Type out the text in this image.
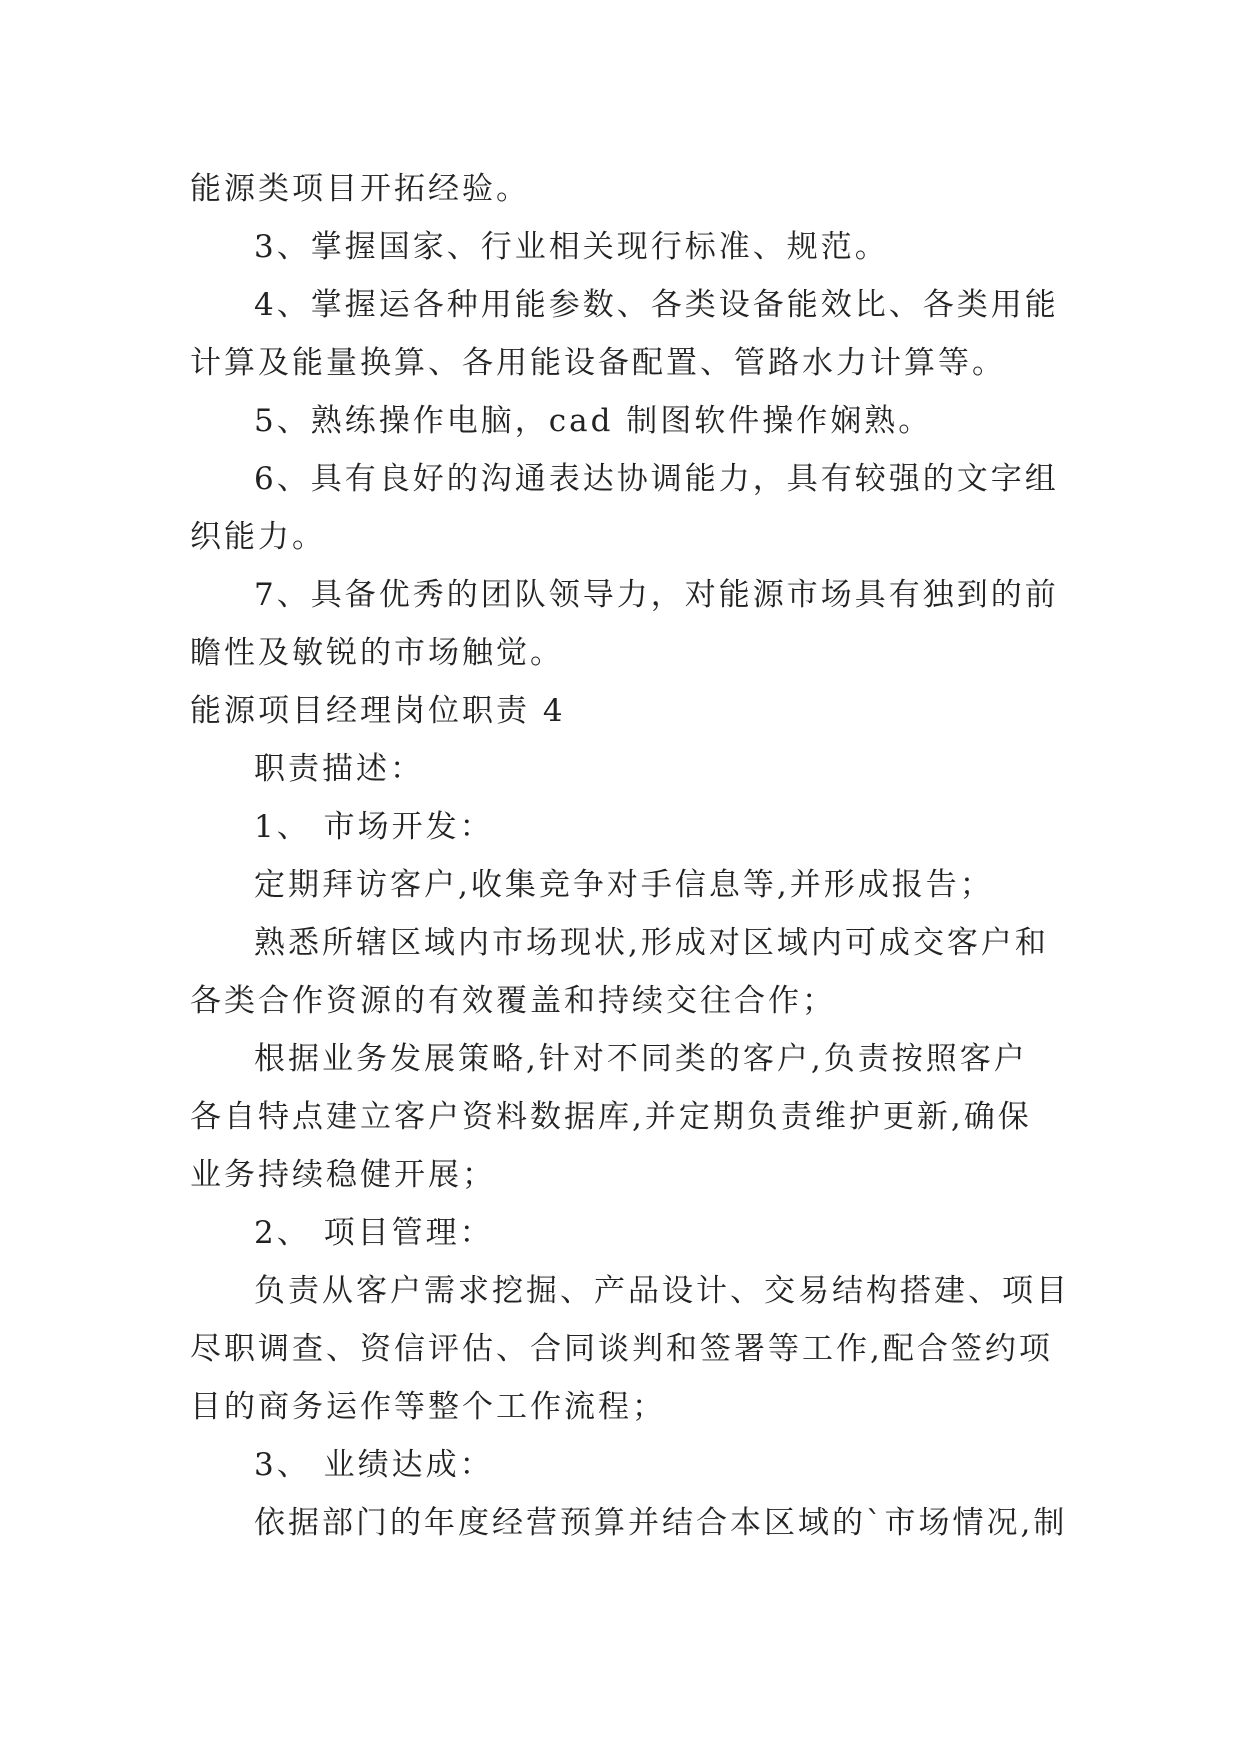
能源类项目开拓经验。
3、掌握国家、行业相关现行标准、规范。
4、掌握运各种用能参数、各类设备能效比、各类用能
计算及能量换算、各用能设备配置、管路水力计算等。
5、熟练操作电脑，cad 制图软件操作娴熟。
6、具有良好的沟通表达协调能力，具有较强的文字组
织能力。
7、具备优秀的团队领导力，对能源市场具有独到的前
瞻性及敏锐的市场触觉。
能源项目经理岗位职责 4
职责描述：
1、 市场开发：
定期拜访客户,收集竞争对手信息等,并形成报告；
熟悉所辖区域内市场现状,形成对区域内可成交客户和
各类合作资源的有效覆盖和持续交往合作；
根据业务发展策略,针对不同类的客户,负责按照客户
各自特点建立客户资料数据库,并定期负责维护更新,确保
业务持续稳健开展；
2、 项目管理：
负责从客户需求挖掘、产品设计、交易结构搭建、项目
尽职调查、资信评估、合同谈判和签署等工作,配合签约项
目的商务运作等整个工作流程；
3、 业绩达成：
依据部门的年度经营预算并结合本区域的`市场情况,制
